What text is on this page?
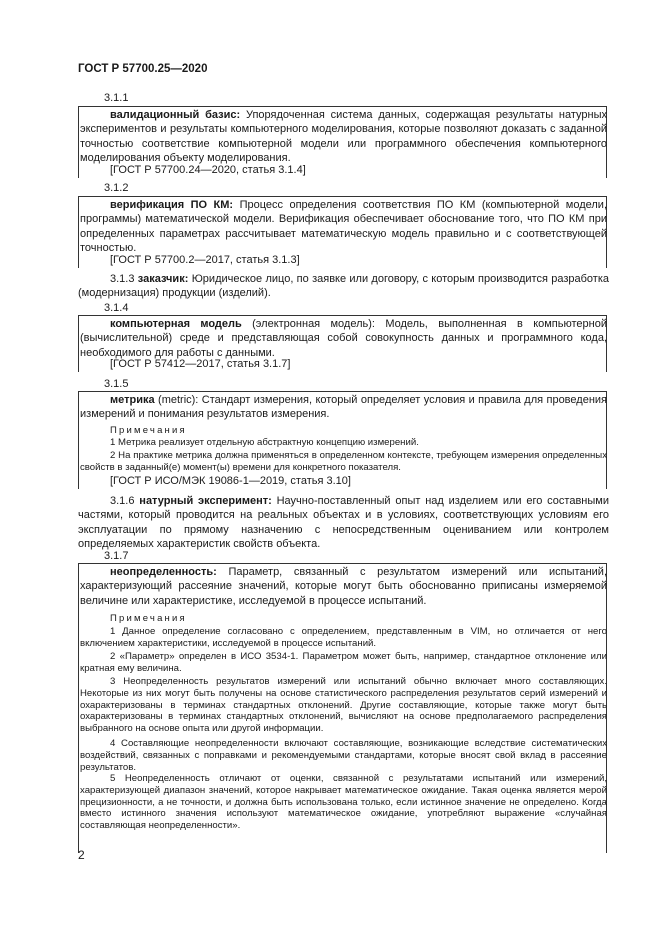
ГОСТ Р 57700.25—2020
3.1.1
валидационный базис: Упорядоченная система данных, содержащая результаты натурных экспериментов и результаты компьютерного моделирования, которые позволяют доказать с заданной точностью соответствие компьютерной модели или программного обеспечения компьютерного моделирования объекту моделирования.
[ГОСТ Р 57700.24—2020, статья 3.1.4]
3.1.2
верификация ПО КМ: Процесс определения соответствия ПО КМ (компьютерной модели, программы) математической модели. Верификация обеспечивает обоснование того, что ПО КМ при определенных параметрах рассчитывает математическую модель правильно и с соответствующей точностью.
[ГОСТ Р 57700.2—2017, статья 3.1.3]
3.1.3 заказчик: Юридическое лицо, по заявке или договору, с которым производится разработка (модернизация) продукции (изделий).
3.1.4
компьютерная модель (электронная модель): Модель, выполненная в компьютерной (вычислительной) среде и представляющая собой совокупность данных и программного кода, необходимого для работы с данными.
[ГОСТ Р 57412—2017, статья 3.1.7]
3.1.5
метрика (metric): Стандарт измерения, который определяет условия и правила для проведения измерений и понимания результатов измерения.
Примечания
1 Метрика реализует отдельную абстрактную концепцию измерений.
2 На практике метрика должна применяться в определенном контексте, требующем измерения определенных свойств в заданный(е) момент(ы) времени для конкретного показателя.
[ГОСТ Р ИСО/МЭК 19086-1—2019, статья 3.10]
3.1.6 натурный эксперимент: Научно-поставленный опыт над изделием или его составными частями, который проводится на реальных объектах и в условиях, соответствующих условиям его эксплуатации по прямому назначению с непосредственным оцениванием или контролем определяемых характеристик свойств объекта.
3.1.7
неопределенность: Параметр, связанный с результатом измерений или испытаний, характеризующий рассеяние значений, которые могут быть обоснованно приписаны измеряемой величине или характеристике, исследуемой в процессе испытаний.
Примечания
1 Данное определение согласовано с определением, представленным в VIM, но отличается от него включением характеристики, исследуемой в процессе испытаний.
2 «Параметр» определен в ИСО 3534-1. Параметром может быть, например, стандартное отклонение или кратная ему величина.
3 Неопределенность результатов измерений или испытаний обычно включает много составляющих. Некоторые из них могут быть получены на основе статистического распределения результатов серий измерений и охарактеризованы в терминах стандартных отклонений. Другие составляющие, которые также могут быть охарактеризованы в терминах стандартных отклонений, вычисляют на основе предполагаемого распределения выбранного на основе опыта или другой информации.
4 Составляющие неопределенности включают составляющие, возникающие вследствие систематических воздействий, связанных с поправками и рекомендуемыми стандартами, которые вносят свой вклад в рассеяние результатов.
5 Неопределенность отличают от оценки, связанной с результатами испытаний или измерений, характеризующей диапазон значений, которое накрывает математическое ожидание. Такая оценка является мерой прецизионности, а не точности, и должна быть использована только, если истинное значение не определено. Когда вместо истинного значения используют математическое ожидание, употребляют выражение «случайная составляющая неопределенности».
2
